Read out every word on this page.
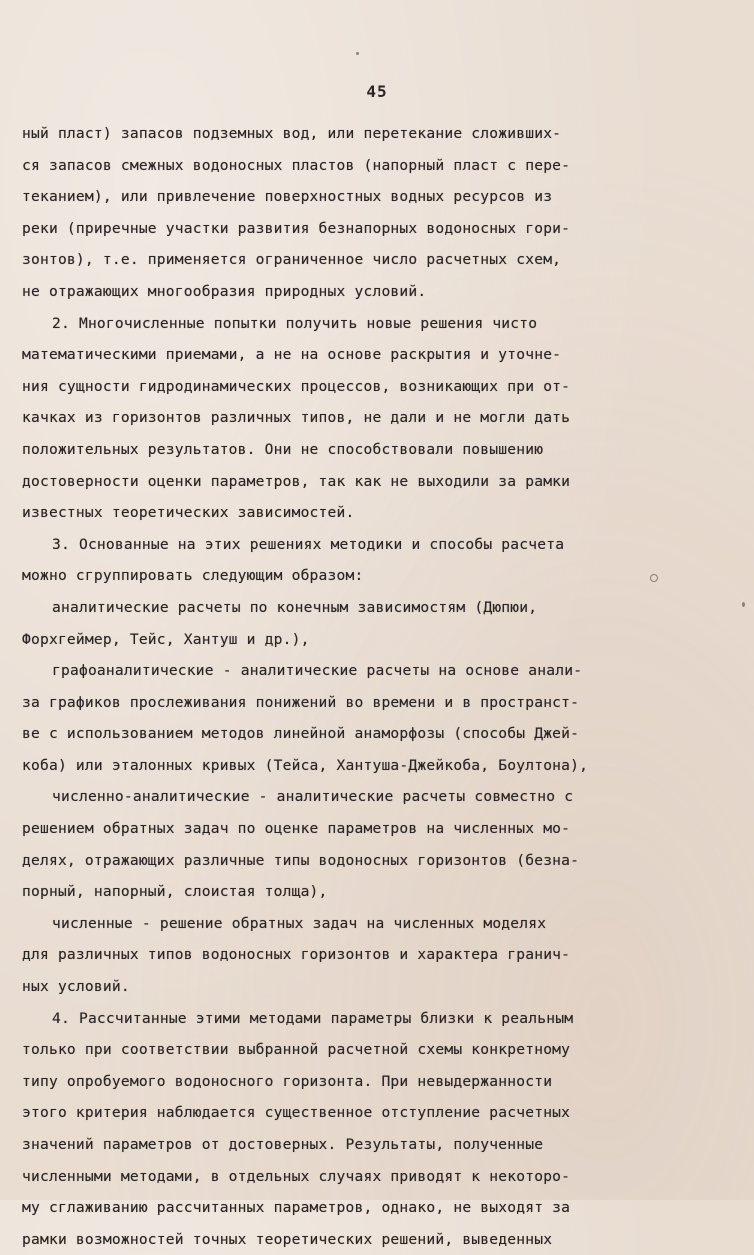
45
ный пласт) запасов подземных вод, или перетекание сложивших-
ся запасов смежных водоносных пластов (напорный пласт с пере-
теканием), или привлечение поверхностных водных ресурсов из
реки (приречные участки развития безнапорных водоносных гори-
зонтов), т.е. применяется ограниченное число расчетных схем,
не отражающих многообразия природных условий.
2. Многочисленные попытки получить новые решения чисто
математическими приемами, а не на основе раскрытия и уточне-
ния сущности гидродинамических процессов, возникающих при от-
качках из горизонтов различных типов, не дали и не могли дать
положительных результатов. Они не способствовали повышению
достоверности оценки параметров, так как не выходили за рамки
известных теоретических зависимостей.
3. Основанные на этих решениях методики и способы расчета
можно сгруппировать следующим образом:
аналитические расчеты по конечным зависимостям (Дюпюи,
Форхгеймер, Тейс, Хантуш и др.),
графоаналитические - аналитические расчеты на основе анали-
за графиков прослеживания понижений во времени и в пространст-
ве с использованием методов линейной анаморфозы (способы Джей-
коба) или эталонных кривых (Тейса, Хантуша-Джейкоба, Боултона),
численно-аналитические - аналитические расчеты совместно с
решением обратных задач по оценке параметров на численных мо-
делях, отражающих различные типы водоносных горизонтов (безна-
порный, напорный, слоистая толща),
численные - решение обратных задач на численных моделях
для различных типов водоносных горизонтов и характера гранич-
ных условий.
4. Рассчитанные этими методами параметры близки к реальным
только при соответствии выбранной расчетной схемы конкретному
типу опробуемого водоносного горизонта. При невыдержанности
этого критерия наблюдается существенное отступление расчетных
значений параметров от достоверных. Результаты, полученные
численными методами, в отдельных случаях приводят к некоторо-
му сглаживанию рассчитанных параметров, однако, не выходят за
рамки возможностей точных теоретических решений, выведенных
